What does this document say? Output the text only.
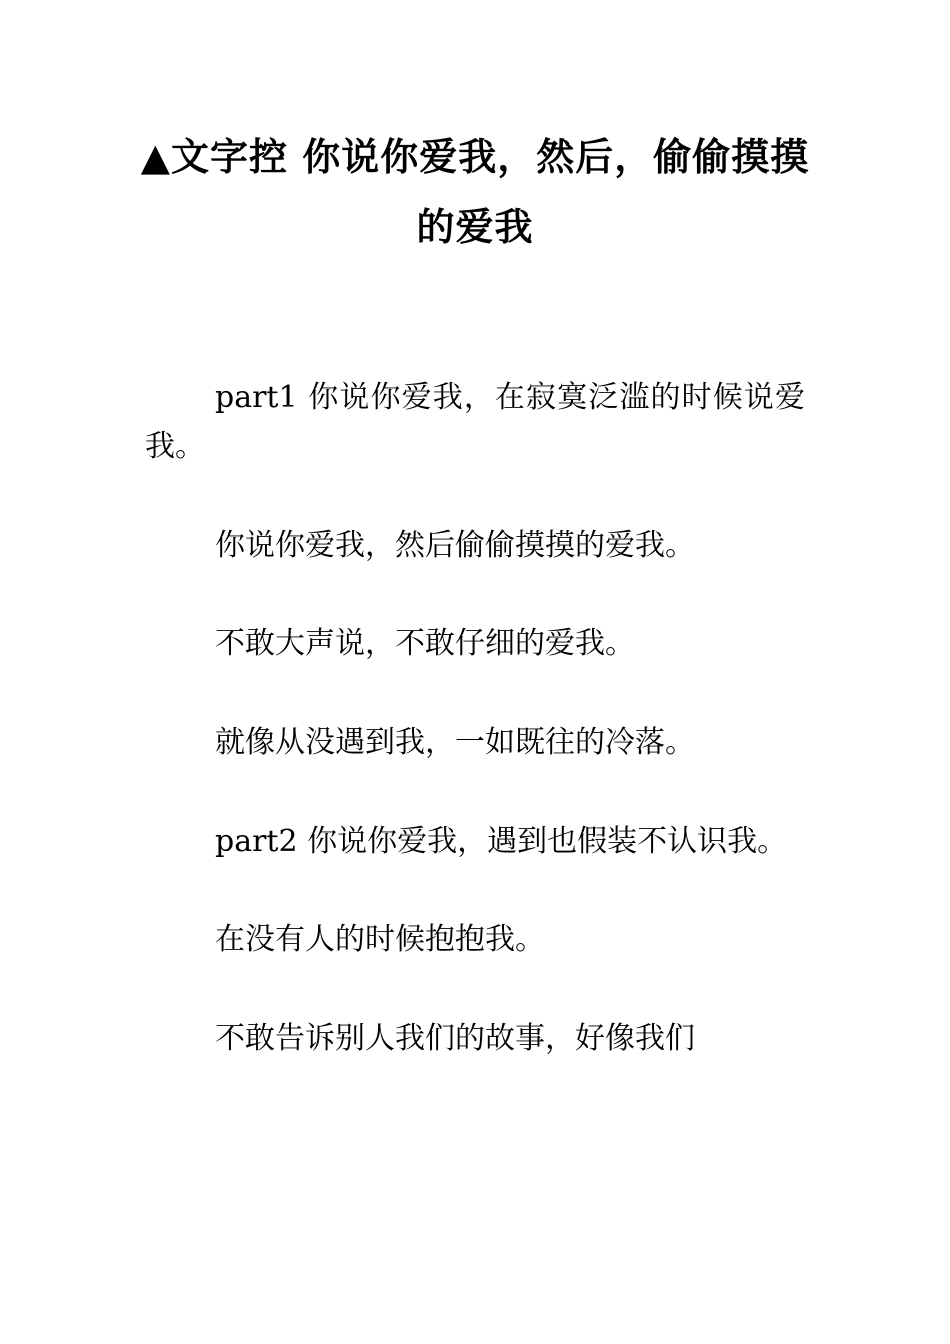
▲文字控 你说你爱我，然后，偷偷摸摸的爱我

part1 你说你爱我，在寂寞泛滥的时候说爱我。

你说你爱我，然后偷偷摸摸的爱我。

不敢大声说，不敢仔细的爱我。

就像从没遇到我，一如既往的冷落。

part2 你说你爱我，遇到也假装不认识我。

在没有人的时候抱抱我。

不敢告诉别人我们的故事，好像我们
